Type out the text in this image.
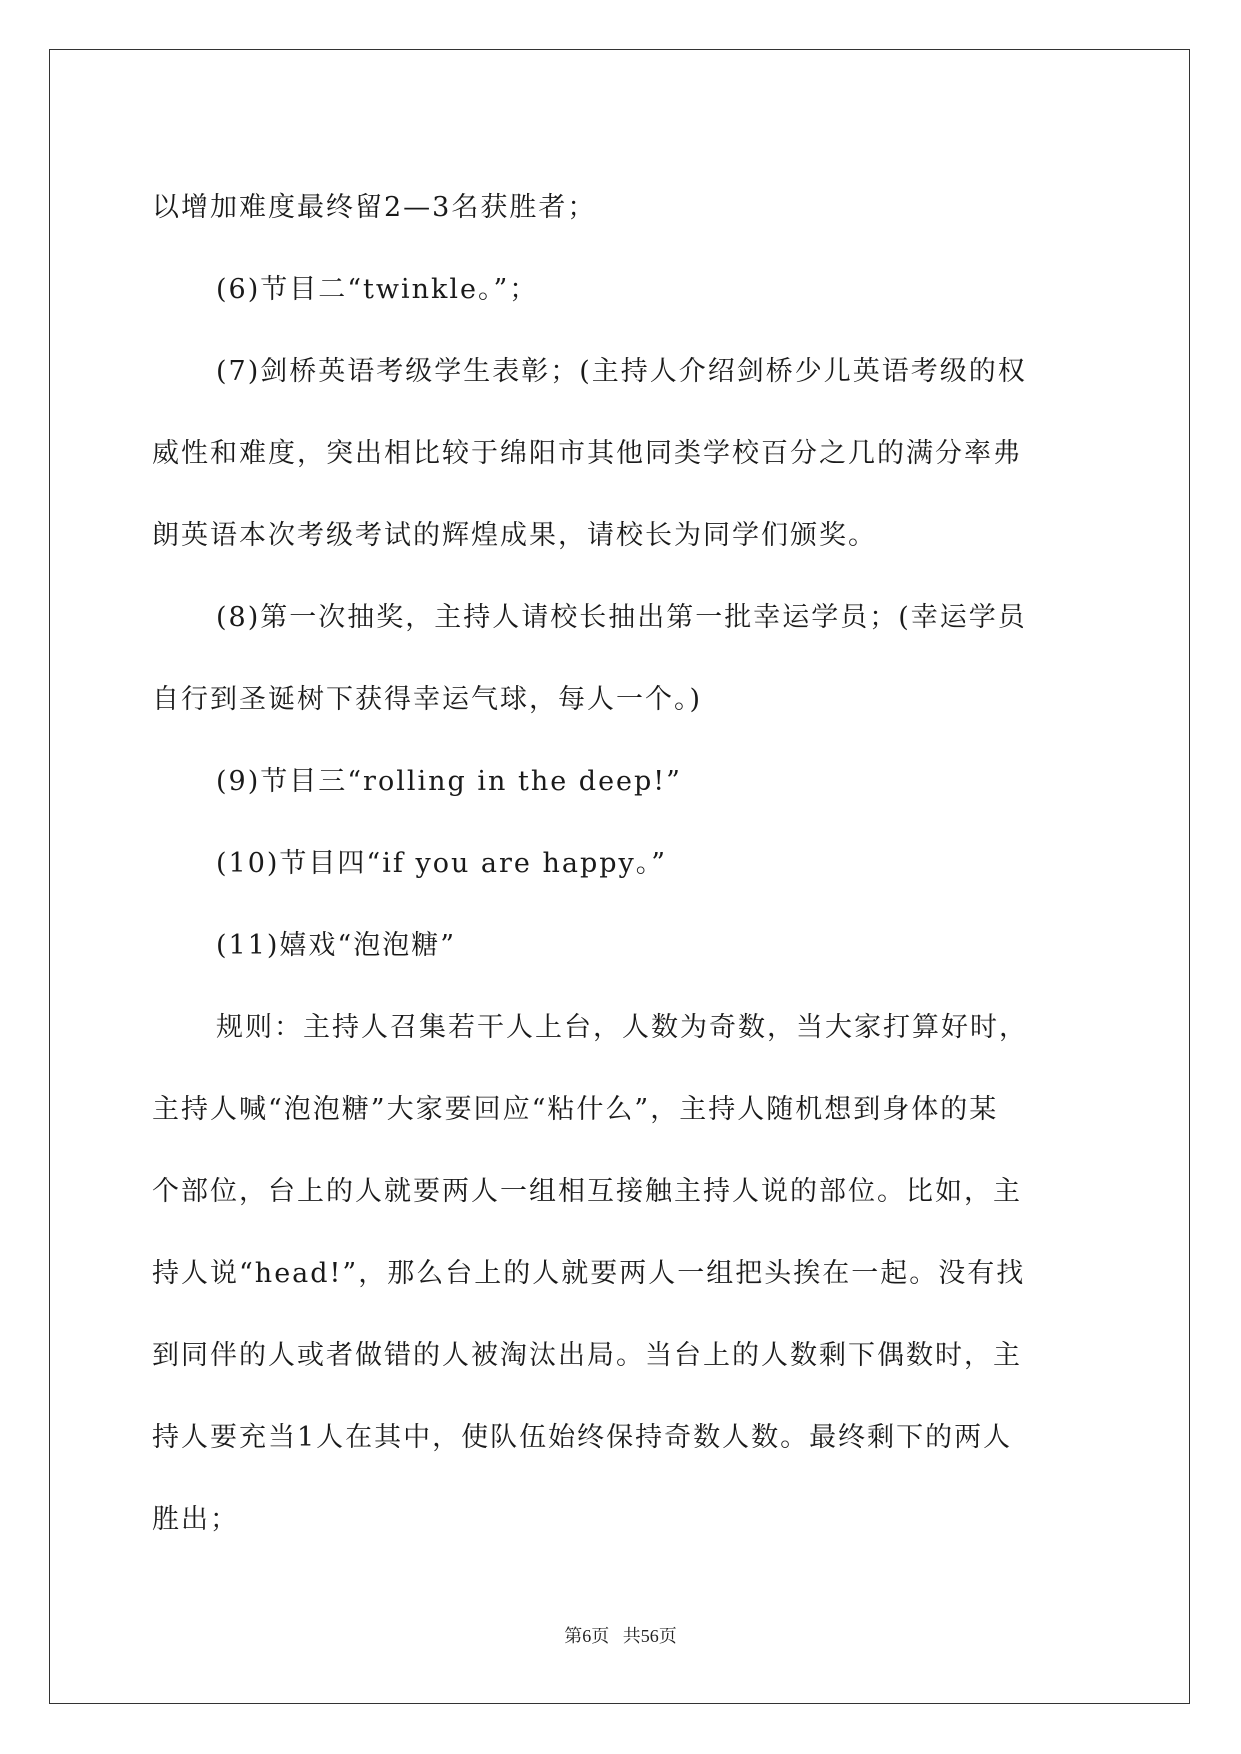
以增加难度最终留2—3名获胜者；
(6)节目二“twinkle。”；
(7)剑桥英语考级学生表彰；(主持人介绍剑桥少儿英语考级的权
威性和难度，突出相比较于绵阳市其他同类学校百分之几的满分率弗
朗英语本次考级考试的辉煌成果，请校长为同学们颁奖。
(8)第一次抽奖，主持人请校长抽出第一批幸运学员；(幸运学员
自行到圣诞树下获得幸运气球，每人一个。)
(9)节目三“rolling in the deep!”
(10)节目四“if you are happy。”
(11)嬉戏“泡泡糖”
规则：主持人召集若干人上台，人数为奇数，当大家打算好时，
主持人喊“泡泡糖”大家要回应“粘什么”，主持人随机想到身体的某
个部位，台上的人就要两人一组相互接触主持人说的部位。比如，主
持人说“head!”，那么台上的人就要两人一组把头挨在一起。没有找
到同伴的人或者做错的人被淘汰出局。当台上的人数剩下偶数时，主
持人要充当1人在其中，使队伍始终保持奇数人数。最终剩下的两人
胜出；
第6页 共56页
